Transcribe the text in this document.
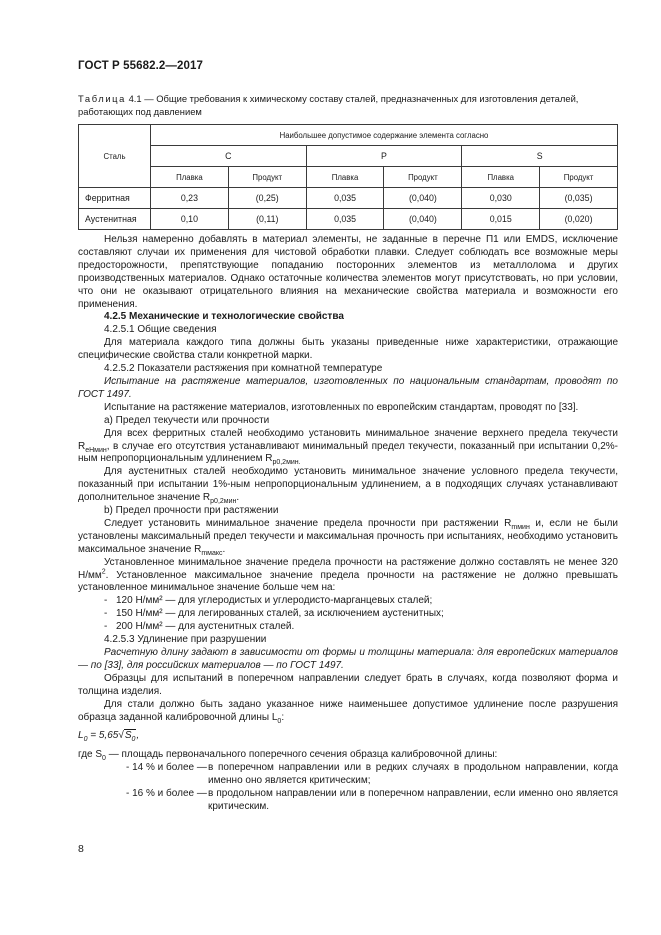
ГОСТ Р 55682.2—2017
Таблица 4.1 — Общие требования к химическому составу сталей, предназначенных для изготовления деталей, работающих под давлением
Сталь	Наибольшее допустимое содержание элемента согласно					
	C		P		S	
	Плавка	Продукт	Плавка	Продукт	Плавка	Продукт
Ферритная	0,23	(0,25)	0,035	(0,040)	0,030	(0,035)
Аустенитная	0,10	(0,11)	0,035	(0,040)	0,015	(0,020)

Нельзя намеренно добавлять в материал элементы, не заданные в перечне П1 или EMDS, исключение составляют случаи их применения для чистовой обработки плавки. Следует соблюдать все возможные меры предосторожности, препятствующие попаданию посторонних элементов из металлолома и других производственных материалов. Однако остаточные количества элементов могут присутствовать, но при условии, что они не оказывают отрицательного влияния на механические свойства материала и возможности его применения.

4.2.5 Механические и технологические свойства

4.2.5.1 Общие сведения

Для материала каждого типа должны быть указаны приведенные ниже характеристики, отражающие специфические свойства стали конкретной марки.

4.2.5.2 Показатели растяжения при комнатной температуре

Испытание на растяжение материалов, изготовленных по национальным стандартам, проводят по ГОСТ 1497.

Испытание на растяжение материалов, изготовленных по европейским стандартам, проводят по [33].

а) Предел текучести или прочности

Для всех ферритных сталей необходимо установить минимальное значение верхнего предела текучести $R_{eHмин}$, в случае его отсутствия устанавливают минимальный предел текучести, показанный при испытании 0,2%-ным непропорциональным удлинением $R_{p0,2мин.}$

Для аустенитных сталей необходимо установить минимальное значение условного предела текучести, показанный при испытании 1%-ным непропорциональным удлинением, а в подходящих случаях устанавливают дополнительное значение $R_{p0,2мин}$.

b) Предел прочности при растяжении

Следует установить минимальное значение предела прочности при растяжении $R_{mмин}$ и, если не были установлены максимальный предел текучести и максимальная прочность при испытаниях, необходимо установить максимальное значение $R_{mмакс}$.

Установленное минимальное значение предела прочности на растяжение должно составлять не менее 320 $Н/мм^2$. Установленное максимальное значение предела прочности на растяжение не должно превышать установленное минимальное значение больше чем на:

- 120 Н/мм² — для углеродистых и углеродисто-марганцевых сталей;
- 150 Н/мм² — для легированных сталей, за исключением аустенитных;
- 200 Н/мм² — для аустенитных сталей.

4.2.5.3 Удлинение при разрушении

Расчетную длину задают в зависимости от формы и толщины материала: для европейских материалов — по [33], для российских материалов — по ГОСТ 1497.

Образцы для испытаний в поперечном направлении следует брать в случаях, когда позволяют форма и толщина изделия.

Для стали должно быть задано указанное ниже наименьшее допустимое удлинение после разрушения образца заданной калибровочной длины $L_0$:

$L_0 = 5,65√S_0$,

где $S_0$ — площадь первоначального поперечного сечения образца калибровочной длины:

- 14 % и более — в поперечном направлении или в редких случаях в продольном направлении, когда именно оно является критическим;
- 16 % и более — в продольном направлении или в поперечном направлении, если именно оно является критическим.
8
